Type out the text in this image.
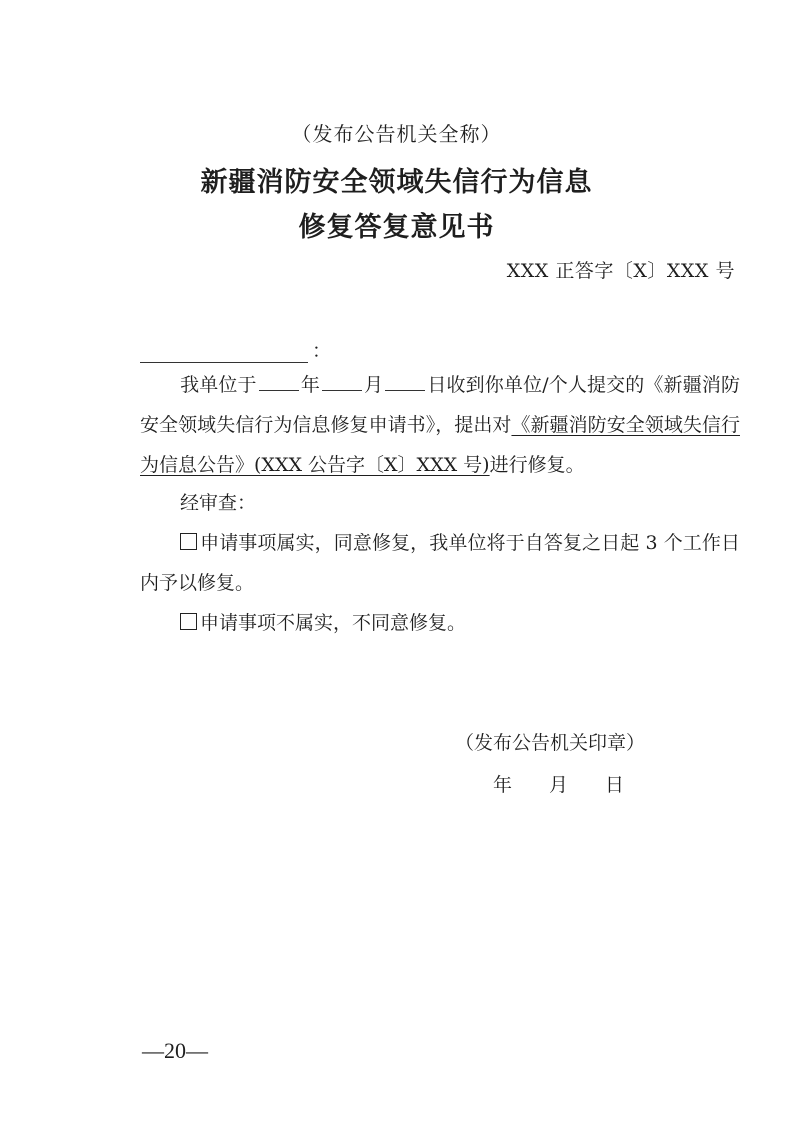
（发布公告机关全称）
新疆消防安全领域失信行为信息
修复答复意见书
XXX 正答字〔X〕XXX 号
：
我单位于 年 月 日收到你单位/个人提交的《新疆消防安全领域失信行为信息修复申请书》，提出对《新疆消防安全领域失信行为信息公告》(XXX 公告字〔X〕XXX 号)进行修复。
经审查：
申请事项属实，同意修复，我单位将于自答复之日起 3 个工作日内予以修复。
申请事项不属实，不同意修复。
（发布公告机关印章）
年 月 日
—20—
